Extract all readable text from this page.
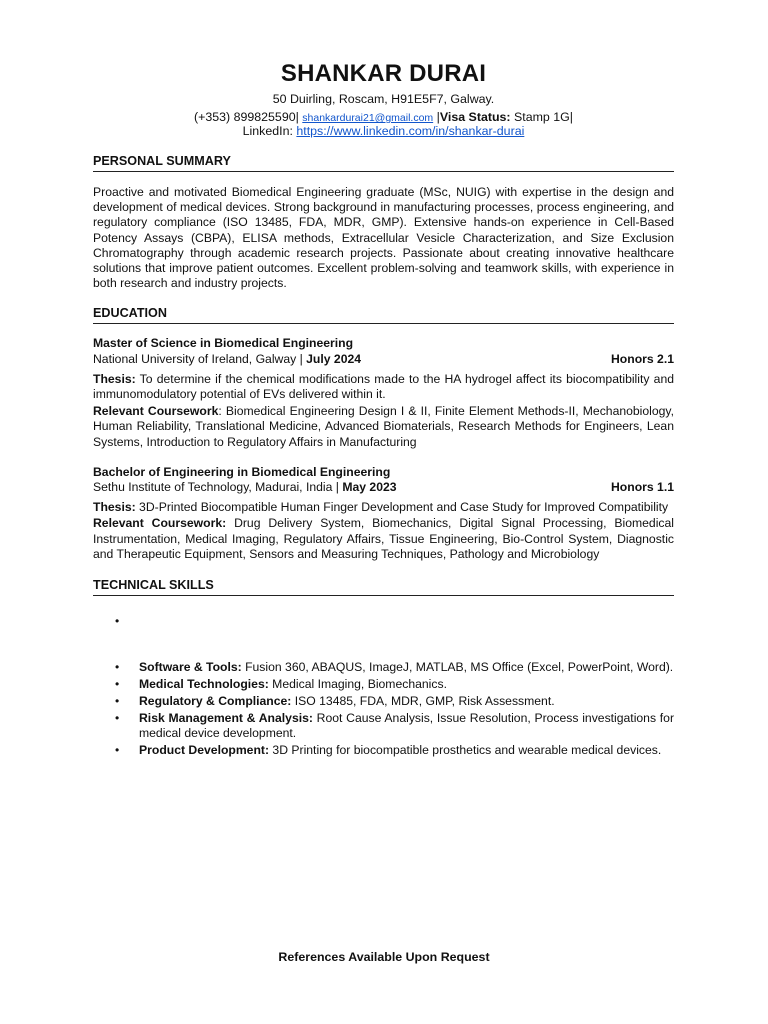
SHANKAR DURAI
50 Duirling, Roscam, H91E5F7, Galway.
(+353) 899825590| shankardurai21@gmail.com |Visa Status: Stamp 1G|
LinkedIn: https://www.linkedin.com/in/shankar-durai
PERSONAL SUMMARY

Proactive and motivated Biomedical Engineering graduate (MSc, NUIG) with expertise in the design and development of medical devices. Strong background in manufacturing processes, process engineering, and regulatory compliance (ISO 13485, FDA, MDR, GMP). Extensive hands-on experience in Cell-Based Potency Assays (CBPA), ELISA methods, Extracellular Vesicle Characterization, and Size Exclusion Chromatography through academic research projects. Passionate about creating innovative healthcare solutions that improve patient outcomes. Excellent problem-solving and teamwork skills, with experience in both research and industry projects.

EDUCATION
Master of Science in Biomedical Engineering
National University of Ireland, Galway | July 2024	Honors 2.1

Thesis: To determine if the chemical modifications made to the HA hydrogel affect its biocompatibility and immunomodulatory potential of EVs delivered within it.

Relevant Coursework: Biomedical Engineering Design I & II, Finite Element Methods-II, Mechanobiology, Human Reliability, Translational Medicine, Advanced Biomaterials, Research Methods for Engineers, Lean Systems, Introduction to Regulatory Affairs in Manufacturing

Bachelor of Engineering in Biomedical Engineering
Sethu Institute of Technology, Madurai, India | May 2023	Honors 1.1

Thesis: 3D-Printed Biocompatible Human Finger Development and Case Study for Improved Compatibility

Relevant Coursework: Drug Delivery System, Biomechanics, Digital Signal Processing, Biomedical Instrumentation, Medical Imaging, Regulatory Affairs, Tissue Engineering, Bio-Control System, Diagnostic and Therapeutic Equipment, Sensors and Measuring Techniques, Pathology and Microbiology

TECHNICAL SKILLS
•
• Software & Tools: Fusion 360, ABAQUS, ImageJ, MATLAB, MS Office (Excel, PowerPoint, Word).
• Medical Technologies: Medical Imaging, Biomechanics.
• Regulatory & Compliance: ISO 13485, FDA, MDR, GMP, Risk Assessment.
• Risk Management & Analysis: Root Cause Analysis, Issue Resolution, Process investigations for medical device development.
• Product Development: 3D Printing for biocompatible prosthetics and wearable medical devices.
References Available Upon Request
